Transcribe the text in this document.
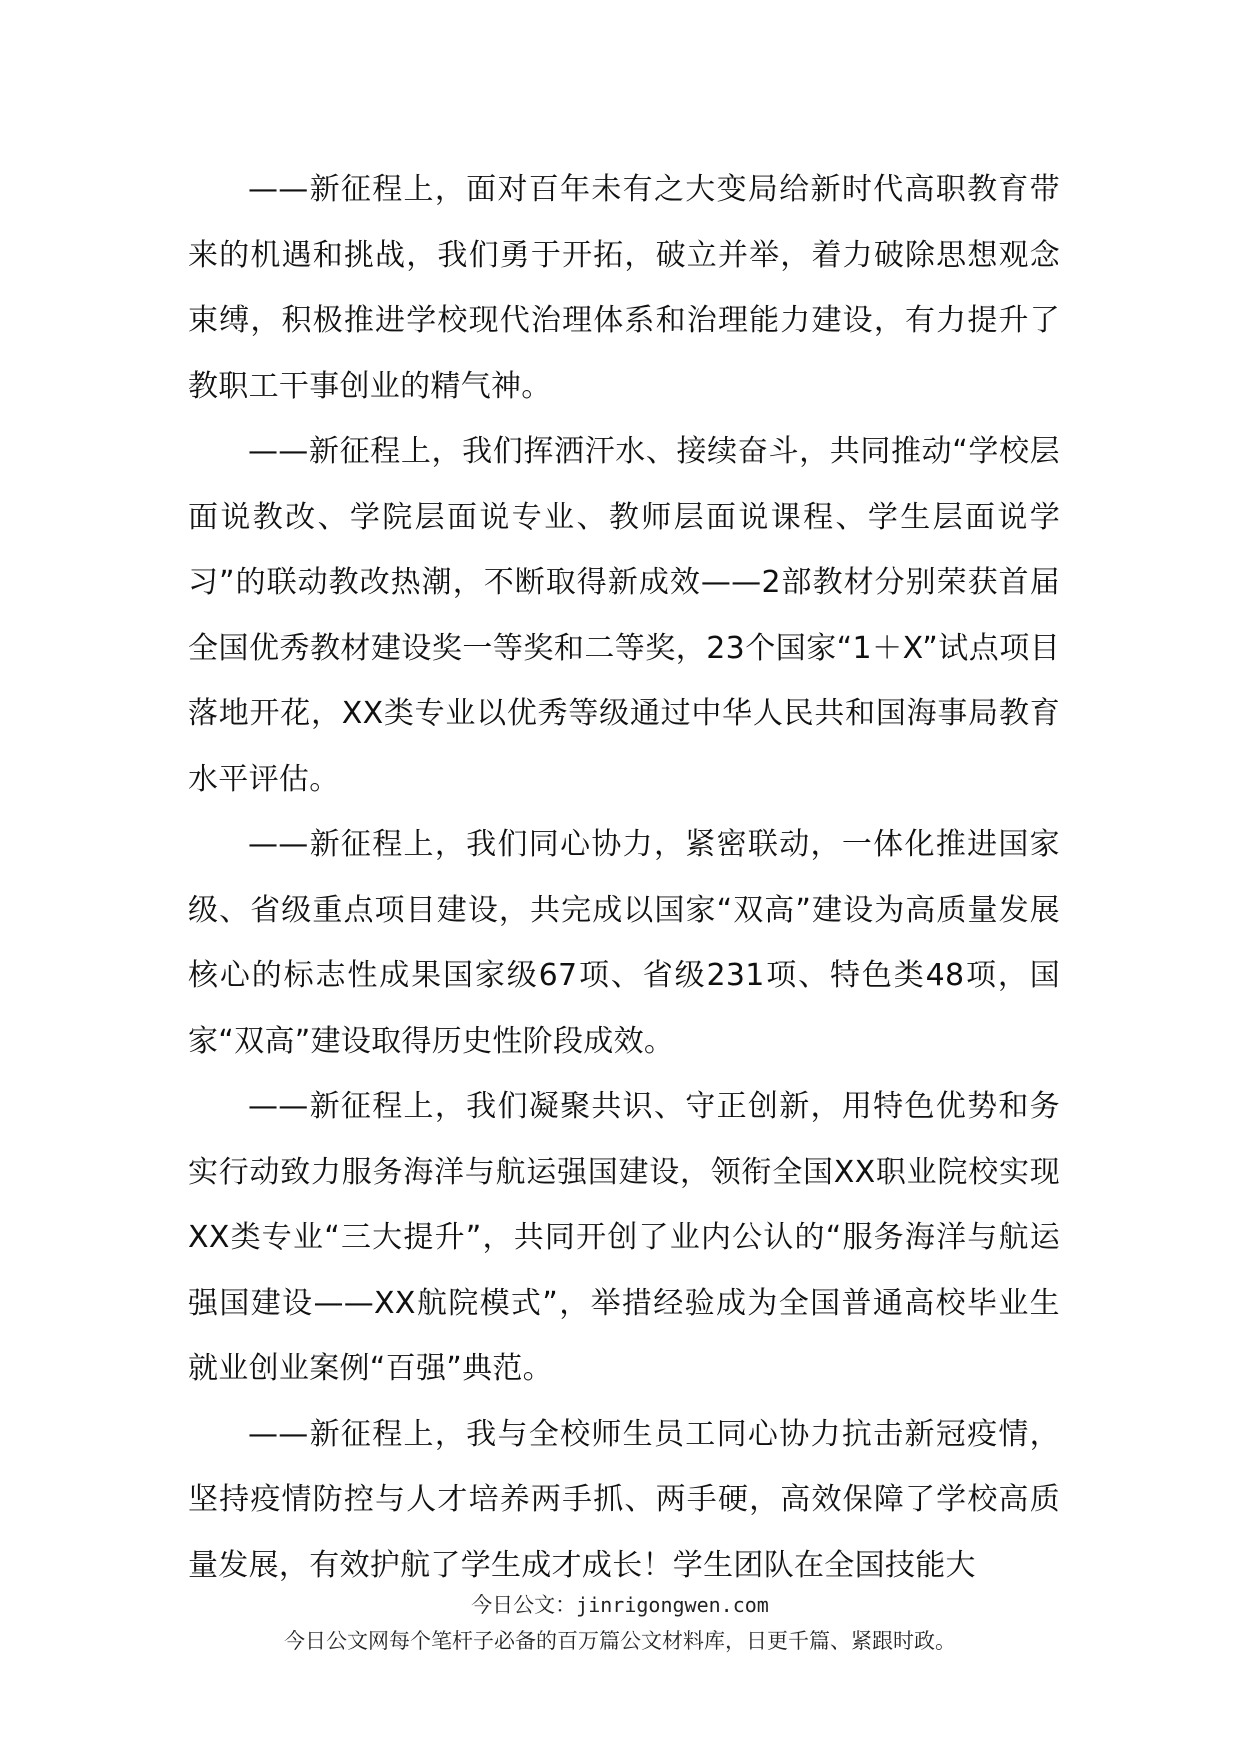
——新征程上，面对百年未有之大变局给新时代高职教育带来的机遇和挑战，我们勇于开拓，破立并举，着力破除思想观念束缚，积极推进学校现代治理体系和治理能力建设，有力提升了教职工干事创业的精气神。

——新征程上，我们挥洒汗水、接续奋斗，共同推动“学校层面说教改、学院层面说专业、教师层面说课程、学生层面说学习”的联动教改热潮，不断取得新成效——2部教材分别荣获首届全国优秀教材建设奖一等奖和二等奖，23个国家“1＋X”试点项目落地开花，XX类专业以优秀等级通过中华人民共和国海事局教育水平评估。

——新征程上，我们同心协力，紧密联动，一体化推进国家级、省级重点项目建设，共完成以国家“双高”建设为高质量发展核心的标志性成果国家级67项、省级231项、特色类48项，国家“双高”建设取得历史性阶段成效。

——新征程上，我们凝聚共识、守正创新，用特色优势和务实行动致力服务海洋与航运强国建设，领衔全国XX职业院校实现XX类专业“三大提升”，共同开创了业内公认的“服务海洋与航运强国建设——XX航院模式”，举措经验成为全国普通高校毕业生就业创业案例“百强”典范。

——新征程上，我与全校师生员工同心协力抗击新冠疫情，坚持疫情防控与人才培养两手抓、两手硬，高效保障了学校高质量发展，有效护航了学生成才成长！学生团队在全国技能大

今日公文：jinrigongwen.com
今日公文网每个笔杆子必备的百万篇公文材料库，日更千篇、紧跟时政。
